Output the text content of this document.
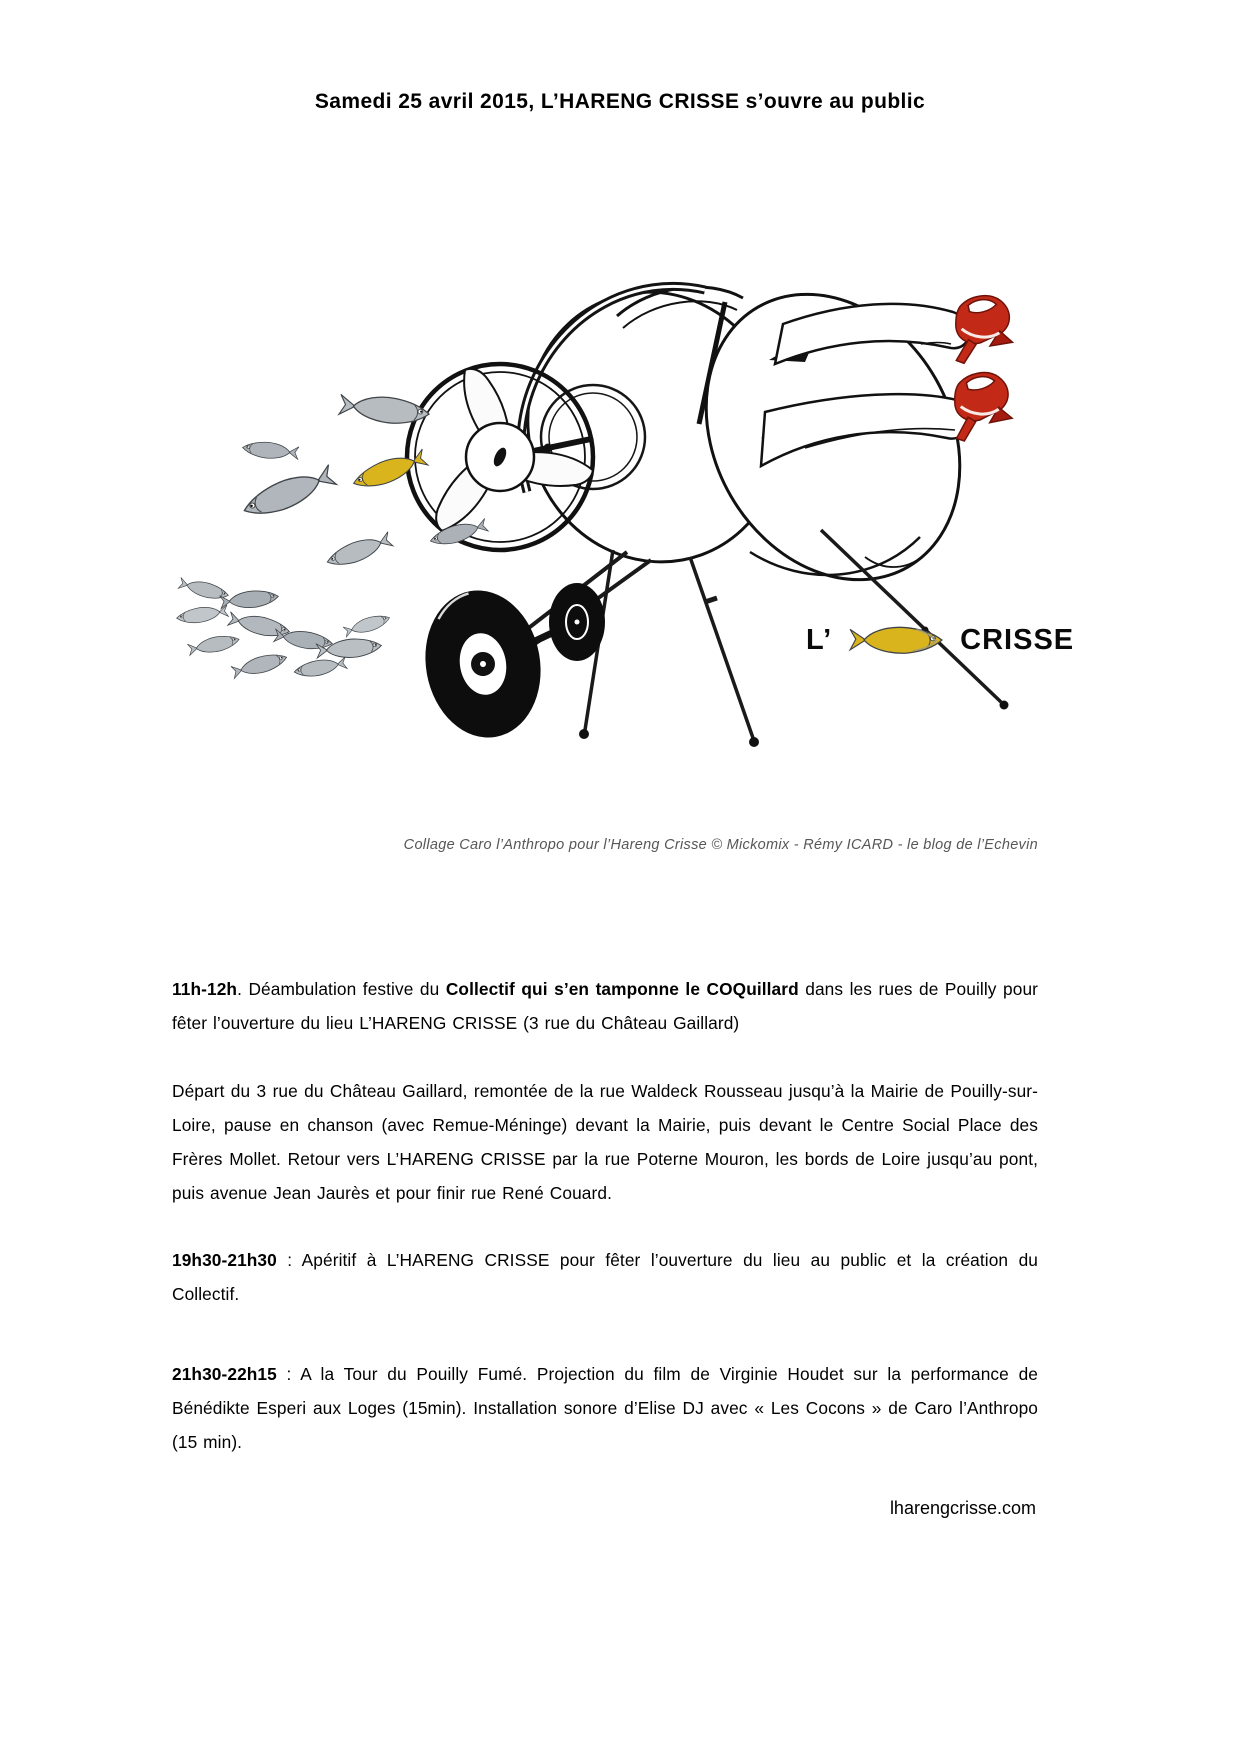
Samedi 25 avril 2015, L’HARENG CRISSE s’ouvre au public
L’	CRISSE
Collage Caro l’Anthropo pour l’Hareng Crisse © Mickomix - Rémy ICARD - le blog de l’Echevin

11h-12h. Déambulation festive du Collectif qui s’en tamponne le COQuillard dans les rues de Pouilly pour fêter l’ouverture du lieu L’HARENG CRISSE (3 rue du Château Gaillard)

Départ du 3 rue du Château Gaillard, remontée de la rue Waldeck Rousseau jusqu’à la Mairie de Pouilly-sur-Loire, pause en chanson (avec Remue-Méninge) devant la Mairie, puis devant le Centre Social Place des Frères Mollet. Retour vers L’HARENG CRISSE par la rue Poterne Mouron, les bords de Loire jusqu’au pont, puis avenue Jean Jaurès et pour finir rue René Couard.

19h30-21h30 : Apéritif à L’HARENG CRISSE pour fêter l’ouverture du lieu au public et la création du Collectif.

21h30-22h15 : A la Tour du Pouilly Fumé. Projection du film de Virginie Houdet sur la performance de Bénédikte Esperi aux Loges (15min). Installation sonore d’Elise DJ avec « Les Cocons » de Caro l’Anthropo (15 min).

lharengcrisse.com
